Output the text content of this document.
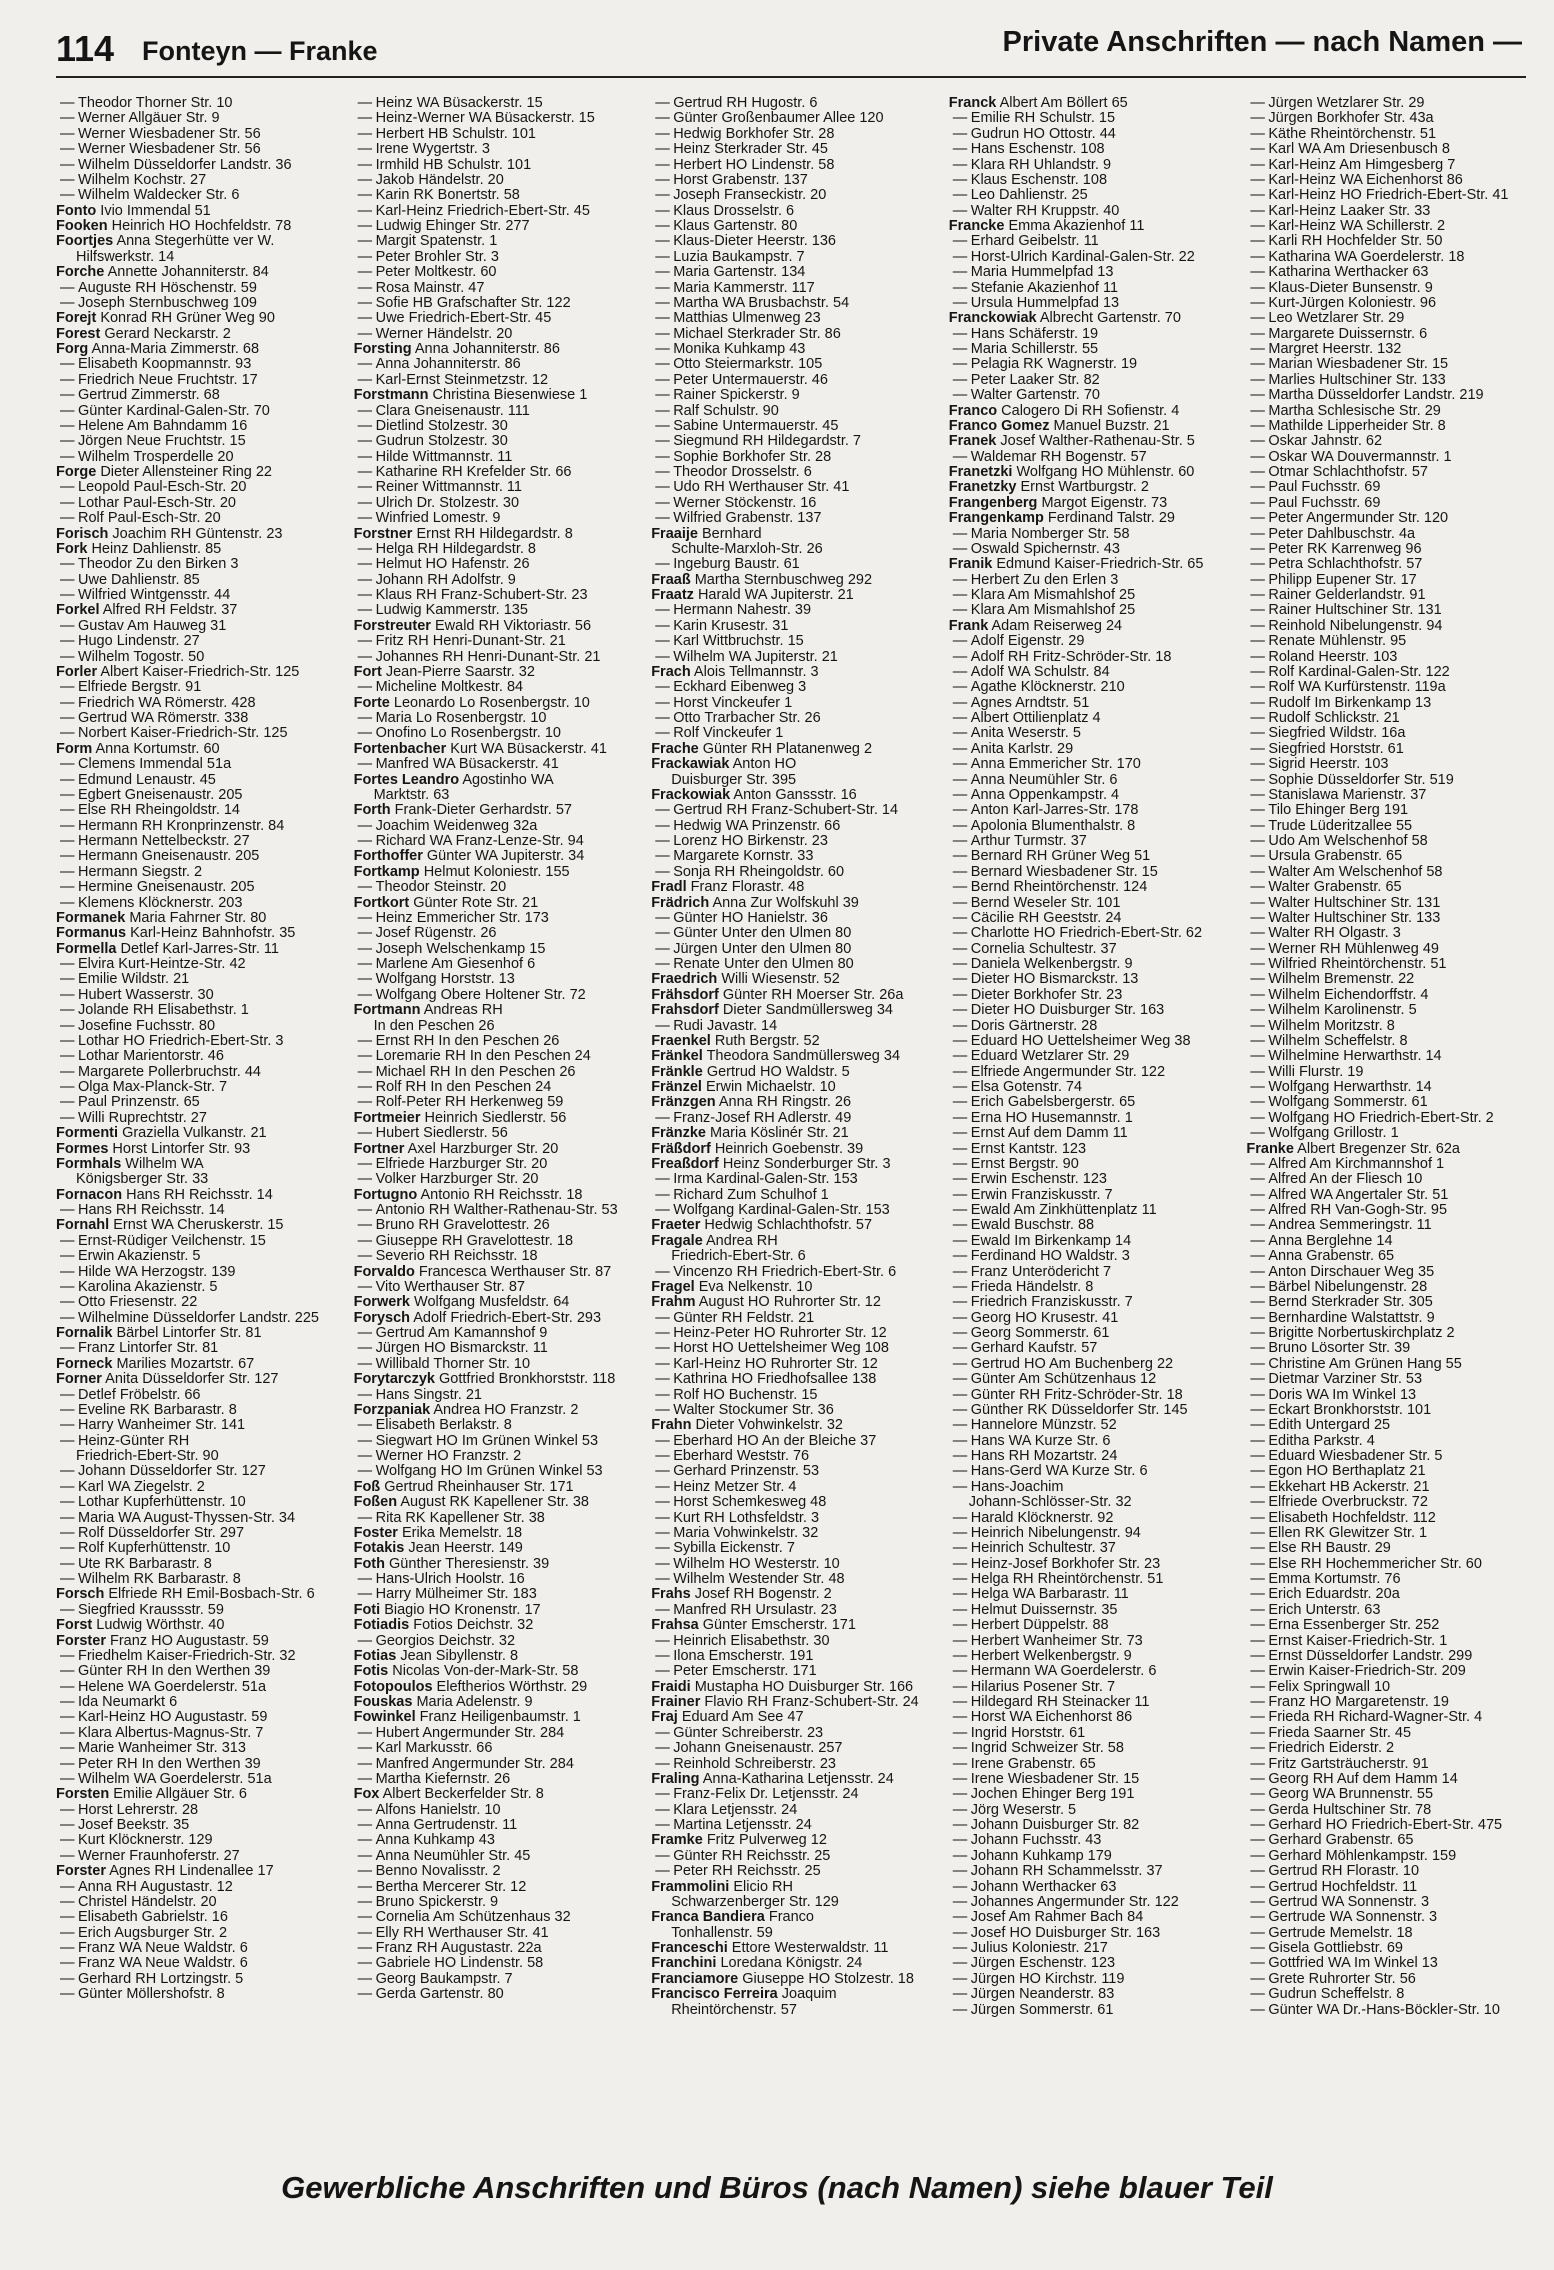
114 Fonteyn — Franke	Private Anschriften — nach Namen —
— Theodor Thorner Str. 10
— Werner Allgäuer Str. 9
— Werner Wiesbadener Str. 56
— Werner Wiesbadener Str. 56
— Wilhelm Düsseldorfer Landstr. 36
— Wilhelm Kochstr. 27
— Wilhelm Waldecker Str. 6
Fonto Ivio Immendal 51
Fooken Heinrich HO Hochfeldstr. 78
Foortjes Anna Stegerhütte ver W.
Hilfswerkstr. 14
Forche Annette Johanniterstr. 84
— Auguste RH Höschenstr. 59
— Joseph Sternbuschweg 109
Forejt Konrad RH Grüner Weg 90
Forest Gerard Neckarstr. 2
Forg Anna-Maria Zimmerstr. 68
— Elisabeth Koopmannstr. 93
— Friedrich Neue Fruchtstr. 17
— Gertrud Zimmerstr. 68
— Günter Kardinal-Galen-Str. 70
— Helene Am Bahndamm 16
— Jörgen Neue Fruchtstr. 15
— Wilhelm Trosperdelle 20
Forge Dieter Allensteiner Ring 22
— Leopold Paul-Esch-Str. 20
— Lothar Paul-Esch-Str. 20
— Rolf Paul-Esch-Str. 20
Forisch Joachim RH Güntenstr. 23
Fork Heinz Dahlienstr. 85
— Theodor Zu den Birken 3
— Uwe Dahlienstr. 85
— Wilfried Wintgensstr. 44
Forkel Alfred RH Feldstr. 37
— Gustav Am Hauweg 31
— Hugo Lindenstr. 27
— Wilhelm Togostr. 50
Forler Albert Kaiser-Friedrich-Str. 125
— Elfriede Bergstr. 91
— Friedrich WA Römerstr. 428
— Gertrud WA Römerstr. 338
— Norbert Kaiser-Friedrich-Str. 125
Form Anna Kortumstr. 60
— Clemens Immendal 51a
— Edmund Lenaustr. 45
— Egbert Gneisenaustr. 205
— Else RH Rheingoldstr. 14
— Hermann RH Kronprinzenstr. 84
— Hermann Nettelbeckstr. 27
— Hermann Gneisenaustr. 205
— Hermann Siegstr. 2
— Hermine Gneisenaustr. 205
— Klemens Klöcknerstr. 203
Formanek Maria Fahrner Str. 80
Formanus Karl-Heinz Bahnhofstr. 35
Formella Detlef Karl-Jarres-Str. 11
— Elvira Kurt-Heintze-Str. 42
— Emilie Wildstr. 21
— Hubert Wasserstr. 30
— Jolande RH Elisabethstr. 1
— Josefine Fuchsstr. 80
— Lothar HO Friedrich-Ebert-Str. 3
— Lothar Marientorstr. 46
— Margarete Pollerbruchstr. 44
— Olga Max-Planck-Str. 7
— Paul Prinzenstr. 65
— Willi Ruprechtstr. 27
Formenti Graziella Vulkanstr. 21
Formes Horst Lintorfer Str. 93
Formhals Wilhelm WA
Königsberger Str. 33
Fornacon Hans RH Reichsstr. 14
— Hans RH Reichsstr. 14
Fornahl Ernst WA Cheruskerstr. 15
— Ernst-Rüdiger Veilchenstr. 15
— Erwin Akazienstr. 5
— Hilde WA Herzogstr. 139
— Karolina Akazienstr. 5
— Otto Friesenstr. 22
— Wilhelmine Düsseldorfer Landstr. 225
Fornalik Bärbel Lintorfer Str. 81
— Franz Lintorfer Str. 81
Forneck Marilies Mozartstr. 67
Forner Anita Düsseldorfer Str. 127
— Detlef Fröbelstr. 66
— Eveline RK Barbarastr. 8
— Harry Wanheimer Str. 141
— Heinz-Günter RH
Friedrich-Ebert-Str. 90
— Johann Düsseldorfer Str. 127
— Karl WA Ziegelstr. 2
— Lothar Kupferhüttenstr. 10
— Maria WA August-Thyssen-Str. 34
— Rolf Düsseldorfer Str. 297
— Rolf Kupferhüttenstr. 10
— Ute RK Barbarastr. 8
— Wilhelm RK Barbarastr. 8
Forsch Elfriede RH Emil-Bosbach-Str. 6
— Siegfried Kraussstr. 59
Forst Ludwig Wörthstr. 40
Forster Franz HO Augustastr. 59
— Friedhelm Kaiser-Friedrich-Str. 32
— Günter RH In den Werthen 39
— Helene WA Goerdelerstr. 51a
— Ida Neumarkt 6
— Karl-Heinz HO Augustastr. 59
— Klara Albertus-Magnus-Str. 7
— Marie Wanheimer Str. 313
— Peter RH In den Werthen 39
— Wilhelm WA Goerdelerstr. 51a
Forsten Emilie Allgäuer Str. 6
— Horst Lehrerstr. 28
— Josef Beekstr. 35
— Kurt Klöcknerstr. 129
— Werner Fraunhoferstr. 27
Forster Agnes RH Lindenallee 17
— Anna RH Augustastr. 12
— Christel Händelstr. 20
— Elisabeth Gabrielstr. 16
— Erich Augsburger Str. 2
— Franz WA Neue Waldstr. 6
— Franz WA Neue Waldstr. 6
— Gerhard RH Lortzingstr. 5
— Günter Möllershofstr. 8
— Heinz WA Büsackerstr. 15
— Heinz-Werner WA Büsackerstr. 15
— Herbert HB Schulstr. 101
— Irene Wygertstr. 3
— Irmhild HB Schulstr. 101
— Jakob Händelstr. 20
— Karin RK Bonertstr. 58
— Karl-Heinz Friedrich-Ebert-Str. 45
— Ludwig Ehinger Str. 277
— Margit Spatenstr. 1
— Peter Brohler Str. 3
— Peter Moltkestr. 60
— Rosa Mainstr. 47
— Sofie HB Grafschafter Str. 122
— Uwe Friedrich-Ebert-Str. 45
— Werner Händelstr. 20
Forsting Anna Johanniterstr. 86
— Anna Johanniterstr. 86
— Karl-Ernst Steinmetzstr. 12
Forstmann Christina Biesenwiese 1
— Clara Gneisenaustr. 111
— Dietlind Stolzestr. 30
— Gudrun Stolzestr. 30
— Hilde Wittmannstr. 11
— Katharine RH Krefelder Str. 66
— Reiner Wittmannstr. 11
— Ulrich Dr. Stolzestr. 30
— Winfried Lomestr. 9
Forstner Ernst RH Hildegardstr. 8
— Helga RH Hildegardstr. 8
— Helmut HO Hafenstr. 26
— Johann RH Adolfstr. 9
— Klaus RH Franz-Schubert-Str. 23
— Ludwig Kammerstr. 135
Forstreuter Ewald RH Viktoriastr. 56
— Fritz RH Henri-Dunant-Str. 21
— Johannes RH Henri-Dunant-Str. 21
Fort Jean-Pierre Saarstr. 32
— Micheline Moltkestr. 84
Forte Leonardo Lo Rosenbergstr. 10
— Maria Lo Rosenbergstr. 10
— Onofino Lo Rosenbergstr. 10
Fortenbacher Kurt WA Büsackerstr. 41
— Manfred WA Büsackerstr. 41
Fortes Leandro Agostinho WA
Marktstr. 63
Forth Frank-Dieter Gerhardstr. 57
— Joachim Weidenweg 32a
— Richard WA Franz-Lenze-Str. 94
Forthoffer Günter WA Jupiterstr. 34
Fortkamp Helmut Koloniestr. 155
— Theodor Steinstr. 20
Fortkort Günter Rote Str. 21
— Heinz Emmericher Str. 173
— Josef Rügenstr. 26
— Joseph Welschenkamp 15
— Marlene Am Giesenhof 6
— Wolfgang Horststr. 13
— Wolfgang Obere Holtener Str. 72
Fortmann Andreas RH
In den Peschen 26
— Ernst RH In den Peschen 26
— Loremarie RH In den Peschen 24
— Michael RH In den Peschen 26
— Rolf RH In den Peschen 24
— Rolf-Peter RH Herkenweg 59
Fortmeier Heinrich Siedlerstr. 56
— Hubert Siedlerstr. 56
Fortner Axel Harzburger Str. 20
— Elfriede Harzburger Str. 20
— Volker Harzburger Str. 20
Fortugno Antonio RH Reichsstr. 18
— Antonio RH Walther-Rathenau-Str. 53
— Bruno RH Gravelottestr. 26
— Giuseppe RH Gravelottestr. 18
— Severio RH Reichsstr. 18
Forvaldo Francesca Werthauser Str. 87
— Vito Werthauser Str. 87
Forwerk Wolfgang Musfeldstr. 64
Forysch Adolf Friedrich-Ebert-Str. 293
— Gertrud Am Kamannshof 9
— Jürgen HO Bismarckstr. 11
— Willibald Thorner Str. 10
Forytarczyk Gottfried Bronkhorststr. 118
— Hans Singstr. 21
Forzpaniak Andrea HO Franzstr. 2
— Elisabeth Berlakstr. 8
— Siegwart HO Im Grünen Winkel 53
— Werner HO Franzstr. 2
— Wolfgang HO Im Grünen Winkel 53
Foß Gertrud Rheinhauser Str. 171
Foßen August RK Kapellener Str. 38
— Rita RK Kapellener Str. 38
Foster Erika Memelstr. 18
Fotakis Jean Heerstr. 149
Foth Günther Theresienstr. 39
— Hans-Ulrich Hoolstr. 16
— Harry Mülheimer Str. 183
Foti Biagio HO Kronenstr. 17
Fotiadis Fotios Deichstr. 32
— Georgios Deichstr. 32
Fotias Jean Sibyllenstr. 8
Fotis Nicolas Von-der-Mark-Str. 58
Fotopoulos Eleftherios Wörthstr. 29
Fouskas Maria Adelenstr. 9
Fowinkel Franz Heiligenbaumstr. 1
— Hubert Angermunder Str. 284
— Karl Markusstr. 66
— Manfred Angermunder Str. 284
— Martha Kiefernstr. 26
Fox Albert Beckerfelder Str. 8
— Alfons Hanielstr. 10
— Anna Gertrudenstr. 11
— Anna Kuhkamp 43
— Anna Neumühler Str. 45
— Benno Novalisstr. 2
— Bertha Mercerer Str. 12
— Bruno Spickerstr. 9
— Cornelia Am Schützenhaus 32
— Elly RH Werthauser Str. 41
— Franz RH Augustastr. 22a
— Gabriele HO Lindenstr. 58
— Georg Baukampstr. 7
— Gerda Gartenstr. 80
— Gertrud RH Hugostr. 6
— Günter Großenbaumer Allee 120
— Hedwig Borkhofer Str. 28
— Heinz Sterkrader Str. 45
— Herbert HO Lindenstr. 58
— Horst Grabenstr. 137
— Joseph Franseckistr. 20
— Klaus Drosselstr. 6
— Klaus Gartenstr. 80
— Klaus-Dieter Heerstr. 136
— Luzia Baukampstr. 7
— Maria Gartenstr. 134
— Maria Kammerstr. 117
— Martha WA Brusbachstr. 54
— Matthias Ulmenweg 23
— Michael Sterkrader Str. 86
— Monika Kuhkamp 43
— Otto Steiermarkstr. 105
— Peter Untermauerstr. 46
— Rainer Spickerstr. 9
— Ralf Schulstr. 90
— Sabine Untermauerstr. 45
— Siegmund RH Hildegardstr. 7
— Sophie Borkhofer Str. 28
— Theodor Drosselstr. 6
— Udo RH Werthauser Str. 41
— Werner Stöckenstr. 16
— Wilfried Grabenstr. 137
Fraaije Bernhard
Schulte-Marxloh-Str. 26
— Ingeburg Baustr. 61
Fraaß Martha Sternbuschweg 292
Fraatz Harald WA Jupiterstr. 21
— Hermann Nahestr. 39
— Karin Krusestr. 31
— Karl Wittbruchstr. 15
— Wilhelm WA Jupiterstr. 21
Frach Alois Tellmannstr. 3
— Eckhard Eibenweg 3
— Horst Vinckeufer 1
— Otto Trarbacher Str. 26
— Rolf Vinckeufer 1
Frache Günter RH Platanenweg 2
Frackawiak Anton HO
Duisburger Str. 395
Frackowiak Anton Ganssstr. 16
— Gertrud RH Franz-Schubert-Str. 14
— Hedwig WA Prinzenstr. 66
— Lorenz HO Birkenstr. 23
— Margarete Kornstr. 33
— Sonja RH Rheingoldstr. 60
Fradl Franz Florastr. 48
Frädrich Anna Zur Wolfskuhl 39
— Günter HO Hanielstr. 36
— Günter Unter den Ulmen 80
— Jürgen Unter den Ulmen 80
— Renate Unter den Ulmen 80
Fraedrich Willi Wiesenstr. 52
Frähsdorf Günter RH Moerser Str. 26a
Frahsdorf Dieter Sandmüllersweg 34
— Rudi Javastr. 14
Fraenkel Ruth Bergstr. 52
Fränkel Theodora Sandmüllersweg 34
Fränkle Gertrud HO Waldstr. 5
Fränzel Erwin Michaelstr. 10
Fränzgen Anna RH Ringstr. 26
— Franz-Josef RH Adlerstr. 49
Fränzke Maria Köslinér Str. 21
Fräßdorf Heinrich Goebenstr. 39
Freaßdorf Heinz Sonderburger Str. 3
— Irma Kardinal-Galen-Str. 153
— Richard Zum Schulhof 1
— Wolfgang Kardinal-Galen-Str. 153
Fraeter Hedwig Schlachthofstr. 57
Fragale Andrea RH
Friedrich-Ebert-Str. 6
— Vincenzo RH Friedrich-Ebert-Str. 6
Fragel Eva Nelkenstr. 10
Frahm August HO Ruhrorter Str. 12
— Günter RH Feldstr. 21
— Heinz-Peter HO Ruhrorter Str. 12
— Horst HO Uettelsheimer Weg 108
— Karl-Heinz HO Ruhrorter Str. 12
— Kathrina HO Friedhofsallee 138
— Rolf HO Buchenstr. 15
— Walter Stockumer Str. 36
Frahn Dieter Vohwinkelstr. 32
— Eberhard HO An der Bleiche 37
— Eberhard Weststr. 76
— Gerhard Prinzenstr. 53
— Heinz Metzer Str. 4
— Horst Schemkesweg 48
— Kurt RH Lothsfeldstr. 3
— Maria Vohwinkelstr. 32
— Sybilla Eickenstr. 7
— Wilhelm HO Westerstr. 10
— Wilhelm Westender Str. 48
Frahs Josef RH Bogenstr. 2
— Manfred RH Ursulastr. 23
Frahsa Günter Emscherstr. 171
— Heinrich Elisabethstr. 30
— Ilona Emscherstr. 191
— Peter Emscherstr. 171
Fraidi Mustapha HO Duisburger Str. 166
Frainer Flavio RH Franz-Schubert-Str. 24
Fraj Eduard Am See 47
— Günter Schreiberstr. 23
— Johann Gneisenaustr. 257
— Reinhold Schreiberstr. 23
Fraling Anna-Katharina Letjensstr. 24
— Franz-Felix Dr. Letjensstr. 24
— Klara Letjensstr. 24
— Martina Letjensstr. 24
Framke Fritz Pulverweg 12
— Günter RH Reichsstr. 25
— Peter RH Reichsstr. 25
Frammolini Elicio RH
Schwarzenberger Str. 129
Franca Bandiera Franco
Tonhallenstr. 59
Franceschi Ettore Westerwaldstr. 11
Franchini Loredana Königstr. 24
Franciamore Giuseppe HO Stolzestr. 18
Francisco Ferreira Joaquim
Rheintörchenstr. 57
Franck Albert Am Böllert 65
— Emilie RH Schulstr. 15
— Gudrun HO Ottostr. 44
— Hans Eschenstr. 108
— Klara RH Uhlandstr. 9
— Klaus Eschenstr. 108
— Leo Dahlienstr. 25
— Walter RH Kruppstr. 40
Francke Emma Akazienhof 11
— Erhard Geibelstr. 11
— Horst-Ulrich Kardinal-Galen-Str. 22
— Maria Hummelpfad 13
— Stefanie Akazienhof 11
— Ursula Hummelpfad 13
Franckowiak Albrecht Gartenstr. 70
— Hans Schäferstr. 19
— Maria Schillerstr. 55
— Pelagia RK Wagnerstr. 19
— Peter Laaker Str. 82
— Walter Gartenstr. 70
Franco Calogero Di RH Sofienstr. 4
Franco Gomez Manuel Buzstr. 21
Franek Josef Walther-Rathenau-Str. 5
— Waldemar RH Bogenstr. 57
Franetzki Wolfgang HO Mühlenstr. 60
Franetzky Ernst Wartburgstr. 2
Frangenberg Margot Eigenstr. 73
Frangenkamp Ferdinand Talstr. 29
— Maria Nomberger Str. 58
— Oswald Spichernstr. 43
Franik Edmund Kaiser-Friedrich-Str. 65
— Herbert Zu den Erlen 3
— Klara Am Mismahlshof 25
— Klara Am Mismahlshof 25
Frank Adam Reiserweg 24
— Adolf Eigenstr. 29
— Adolf RH Fritz-Schröder-Str. 18
— Adolf WA Schulstr. 84
— Agathe Klöcknerstr. 210
— Agnes Arndtstr. 51
— Albert Ottilienplatz 4
— Anita Weserstr. 5
— Anita Karlstr. 29
— Anna Emmericher Str. 170
— Anna Neumühler Str. 6
— Anna Oppenkampstr. 4
— Anton Karl-Jarres-Str. 178
— Apolonia Blumenthalstr. 8
— Arthur Turmstr. 37
— Bernard RH Grüner Weg 51
— Bernard Wiesbadener Str. 15
— Bernd Rheintörchenstr. 124
— Bernd Weseler Str. 101
— Cäcilie RH Geeststr. 24
— Charlotte HO Friedrich-Ebert-Str. 62
— Cornelia Schultestr. 37
— Daniela Welkenbergstr. 9
— Dieter HO Bismarckstr. 13
— Dieter Borkhofer Str. 23
— Dieter HO Duisburger Str. 163
— Doris Gärtnerstr. 28
— Eduard HO Uettelsheimer Weg 38
— Eduard Wetzlarer Str. 29
— Elfriede Angermunder Str. 122
— Elsa Gotenstr. 74
— Erich Gabelsbergerstr. 65
— Erna HO Husemannstr. 1
— Ernst Auf dem Damm 11
— Ernst Kantstr. 123
— Ernst Bergstr. 90
— Erwin Eschenstr. 123
— Erwin Franziskusstr. 7
— Ewald Am Zinkhüttenplatz 11
— Ewald Buschstr. 88
— Ewald Im Birkenkamp 14
— Ferdinand HO Waldstr. 3
— Franz Unterödericht 7
— Frieda Händelstr. 8
— Friedrich Franziskusstr. 7
— Georg HO Krusestr. 41
— Georg Sommerstr. 61
— Gerhard Kaufstr. 57
— Gertrud HO Am Buchenberg 22
— Günter Am Schützenhaus 12
— Günter RH Fritz-Schröder-Str. 18
— Günther RK Düsseldorfer Str. 145
— Hannelore Münzstr. 52
— Hans WA Kurze Str. 6
— Hans RH Mozartstr. 24
— Hans-Gerd WA Kurze Str. 6
— Hans-Joachim
Johann-Schlösser-Str. 32
— Harald Klöcknerstr. 92
— Heinrich Nibelungenstr. 94
— Heinrich Schultestr. 37
— Heinz-Josef Borkhofer Str. 23
— Helga RH Rheintörchenstr. 51
— Helga WA Barbarastr. 11
— Helmut Duissernstr. 35
— Herbert Düppelstr. 88
— Herbert Wanheimer Str. 73
— Herbert Welkenbergstr. 9
— Hermann WA Goerdelerstr. 6
— Hilarius Posener Str. 7
— Hildegard RH Steinacker 11
— Horst WA Eichenhorst 86
— Ingrid Horststr. 61
— Ingrid Schweizer Str. 58
— Irene Grabenstr. 65
— Irene Wiesbadener Str. 15
— Jochen Ehinger Berg 191
— Jörg Weserstr. 5
— Johann Duisburger Str. 82
— Johann Fuchsstr. 43
— Johann Kuhkamp 179
— Johann RH Schammelsstr. 37
— Johann Werthacker 63
— Johannes Angermunder Str. 122
— Josef Am Rahmer Bach 84
— Josef HO Duisburger Str. 163
— Julius Koloniestr. 217
— Jürgen Eschenstr. 123
— Jürgen HO Kirchstr. 119
— Jürgen Neanderstr. 83
— Jürgen Sommerstr. 61
— Jürgen Wetzlarer Str. 29
— Jürgen Borkhofer Str. 43a
— Käthe Rheintörchenstr. 51
— Karl WA Am Driesenbusch 8
— Karl-Heinz Am Himgesberg 7
— Karl-Heinz WA Eichenhorst 86
— Karl-Heinz HO Friedrich-Ebert-Str. 41
— Karl-Heinz Laaker Str. 33
— Karl-Heinz WA Schillerstr. 2
— Karli RH Hochfelder Str. 50
— Katharina WA Goerdelerstr. 18
— Katharina Werthacker 63
— Klaus-Dieter Bunsenstr. 9
— Kurt-Jürgen Koloniestr. 96
— Leo Wetzlarer Str. 29
— Margarete Duissernstr. 6
— Margret Heerstr. 132
— Marian Wiesbadener Str. 15
— Marlies Hultschiner Str. 133
— Martha Düsseldorfer Landstr. 219
— Martha Schlesische Str. 29
— Mathilde Lipperheider Str. 8
— Oskar Jahnstr. 62
— Oskar WA Douvermannstr. 1
— Otmar Schlachthofstr. 57
— Paul Fuchsstr. 69
— Paul Fuchsstr. 69
— Peter Angermunder Str. 120
— Peter Dahlbuschstr. 4a
— Peter RK Karrenweg 96
— Petra Schlachthofstr. 57
— Philipp Eupener Str. 17
— Rainer Gelderlandstr. 91
— Rainer Hultschiner Str. 131
— Reinhold Nibelungenstr. 94
— Renate Mühlenstr. 95
— Roland Heerstr. 103
— Rolf Kardinal-Galen-Str. 122
— Rolf WA Kurfürstenstr. 119a
— Rudolf Im Birkenkamp 13
— Rudolf Schlickstr. 21
— Siegfried Wildstr. 16a
— Siegfried Horststr. 61
— Sigrid Heerstr. 103
— Sophie Düsseldorfer Str. 519
— Stanislawa Marienstr. 37
— Tilo Ehinger Berg 191
— Trude Lüderitzallee 55
— Udo Am Welschenhof 58
— Ursula Grabenstr. 65
— Walter Am Welschenhof 58
— Walter Grabenstr. 65
— Walter Hultschiner Str. 131
— Walter Hultschiner Str. 133
— Walter RH Olgastr. 3
— Werner RH Mühlenweg 49
— Wilfried Rheintörchenstr. 51
— Wilhelm Bremenstr. 22
— Wilhelm Eichendorffstr. 4
— Wilhelm Karolinenstr. 5
— Wilhelm Moritzstr. 8
— Wilhelm Scheffelstr. 8
— Wilhelmine Herwarthstr. 14
— Willi Flurstr. 19
— Wolfgang Herwarthstr. 14
— Wolfgang Sommerstr. 61
— Wolfgang HO Friedrich-Ebert-Str. 2
— Wolfgang Grillostr. 1
Franke Albert Bregenzer Str. 62a
— Alfred Am Kirchmannshof 1
— Alfred An der Fliesch 10
— Alfred WA Angertaler Str. 51
— Alfred RH Van-Gogh-Str. 95
— Andrea Semmeringstr. 11
— Anna Berglehne 14
— Anna Grabenstr. 65
— Anton Dirschauer Weg 35
— Bärbel Nibelungenstr. 28
— Bernd Sterkrader Str. 305
— Bernhardine Walstattstr. 9
— Brigitte Norbertuskirchplatz 2
— Bruno Lösorter Str. 39
— Christine Am Grünen Hang 55
— Dietmar Varziner Str. 53
— Doris WA Im Winkel 13
— Eckart Bronkhorststr. 101
— Edith Untergard 25
— Editha Parkstr. 4
— Eduard Wiesbadener Str. 5
— Egon HO Berthaplatz 21
— Ekkehart HB Ackerstr. 21
— Elfriede Overbruckstr. 72
— Elisabeth Hochfeldstr. 112
— Ellen RK Glewitzer Str. 1
— Else RH Baustr. 29
— Else RH Hochemmericher Str. 60
— Emma Kortumstr. 76
— Erich Eduardstr. 20a
— Erich Unterstr. 63
— Erna Essenberger Str. 252
— Ernst Kaiser-Friedrich-Str. 1
— Ernst Düsseldorfer Landstr. 299
— Erwin Kaiser-Friedrich-Str. 209
— Felix Springwall 10
— Franz HO Margaretenstr. 19
— Frieda RH Richard-Wagner-Str. 4
— Frieda Saarner Str. 45
— Friedrich Eiderstr. 2
— Fritz Gartsträucherstr. 91
— Georg RH Auf dem Hamm 14
— Georg WA Brunnenstr. 55
— Gerda Hultschiner Str. 78
— Gerhard HO Friedrich-Ebert-Str. 475
— Gerhard Grabenstr. 65
— Gerhard Möhlenkampstr. 159
— Gertrud RH Florastr. 10
— Gertrud Hochfeldstr. 11
— Gertrud WA Sonnenstr. 3
— Gertrude WA Sonnenstr. 3
— Gertrude Memelstr. 18
— Gisela Gottliebstr. 69
— Gottfried WA Im Winkel 13
— Grete Ruhrorter Str. 56
— Gudrun Scheffelstr. 8
— Günter WA Dr.-Hans-Böckler-Str. 10
Gewerbliche Anschriften und Büros (nach Namen) siehe blauer Teil
